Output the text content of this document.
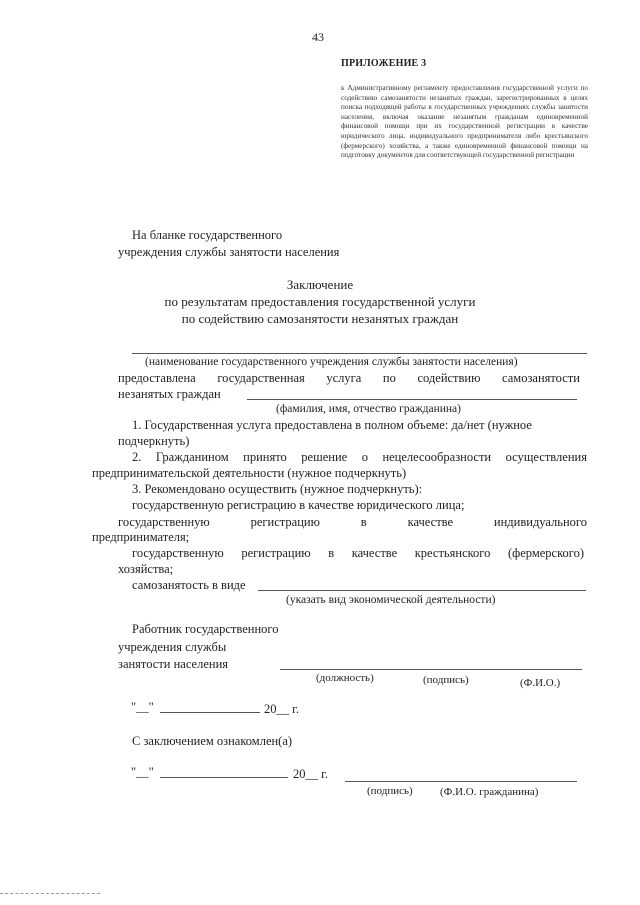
43
ПРИЛОЖЕНИЕ 3
к Административному регламенту предоставления государственной услуги по содействию самозанятости незанятых граждан, зарегистрированных в целях поиска подходящей работы в государственных учреждениях службы занятости населения, включая оказание незанятым гражданам единовременной финансовой помощи при их государственной регистрации в качестве юридического лица, индивидуального предпринимателя либо крестьянского (фермерского) хозяйства, а также единовременной финансовой помощи на подготовку документов для соответствующей государственной регистрации
На бланке государственного
учреждения службы занятости населения
Заключение
по результатам предоставления государственной услуги
по содействию самозанятости незанятых граждан
(наименование государственного учреждения службы занятости населения)
предоставлена государственная услуга по содействию самозанятости
незанятых граждан
(фамилия, имя, отчество гражданина)
1. Государственная услуга предоставлена в полном объеме: да/нет (нужное
подчеркнуть)
2. Гражданином принято решение о нецелесообразности осуществления
предпринимательской деятельности (нужное подчеркнуть)
3. Рекомендовано осуществить (нужное подчеркнуть):
государственную регистрацию в качестве юридического лица;
государственную	регистрацию	в	качестве	индивидуального
предпринимателя;
государственную регистрацию в качестве крестьянского (фермерского)
хозяйства;
самозанятость в виде
(указать вид экономической деятельности)
Работник государственного
учреждения службы
занятости населения
(должность)	(подпись)	(Ф.И.О.)
"__"	20__ г.
С заключением ознакомлен(а)
"__"	20__ г.
(подпись) (Ф.И.О. гражданина)
